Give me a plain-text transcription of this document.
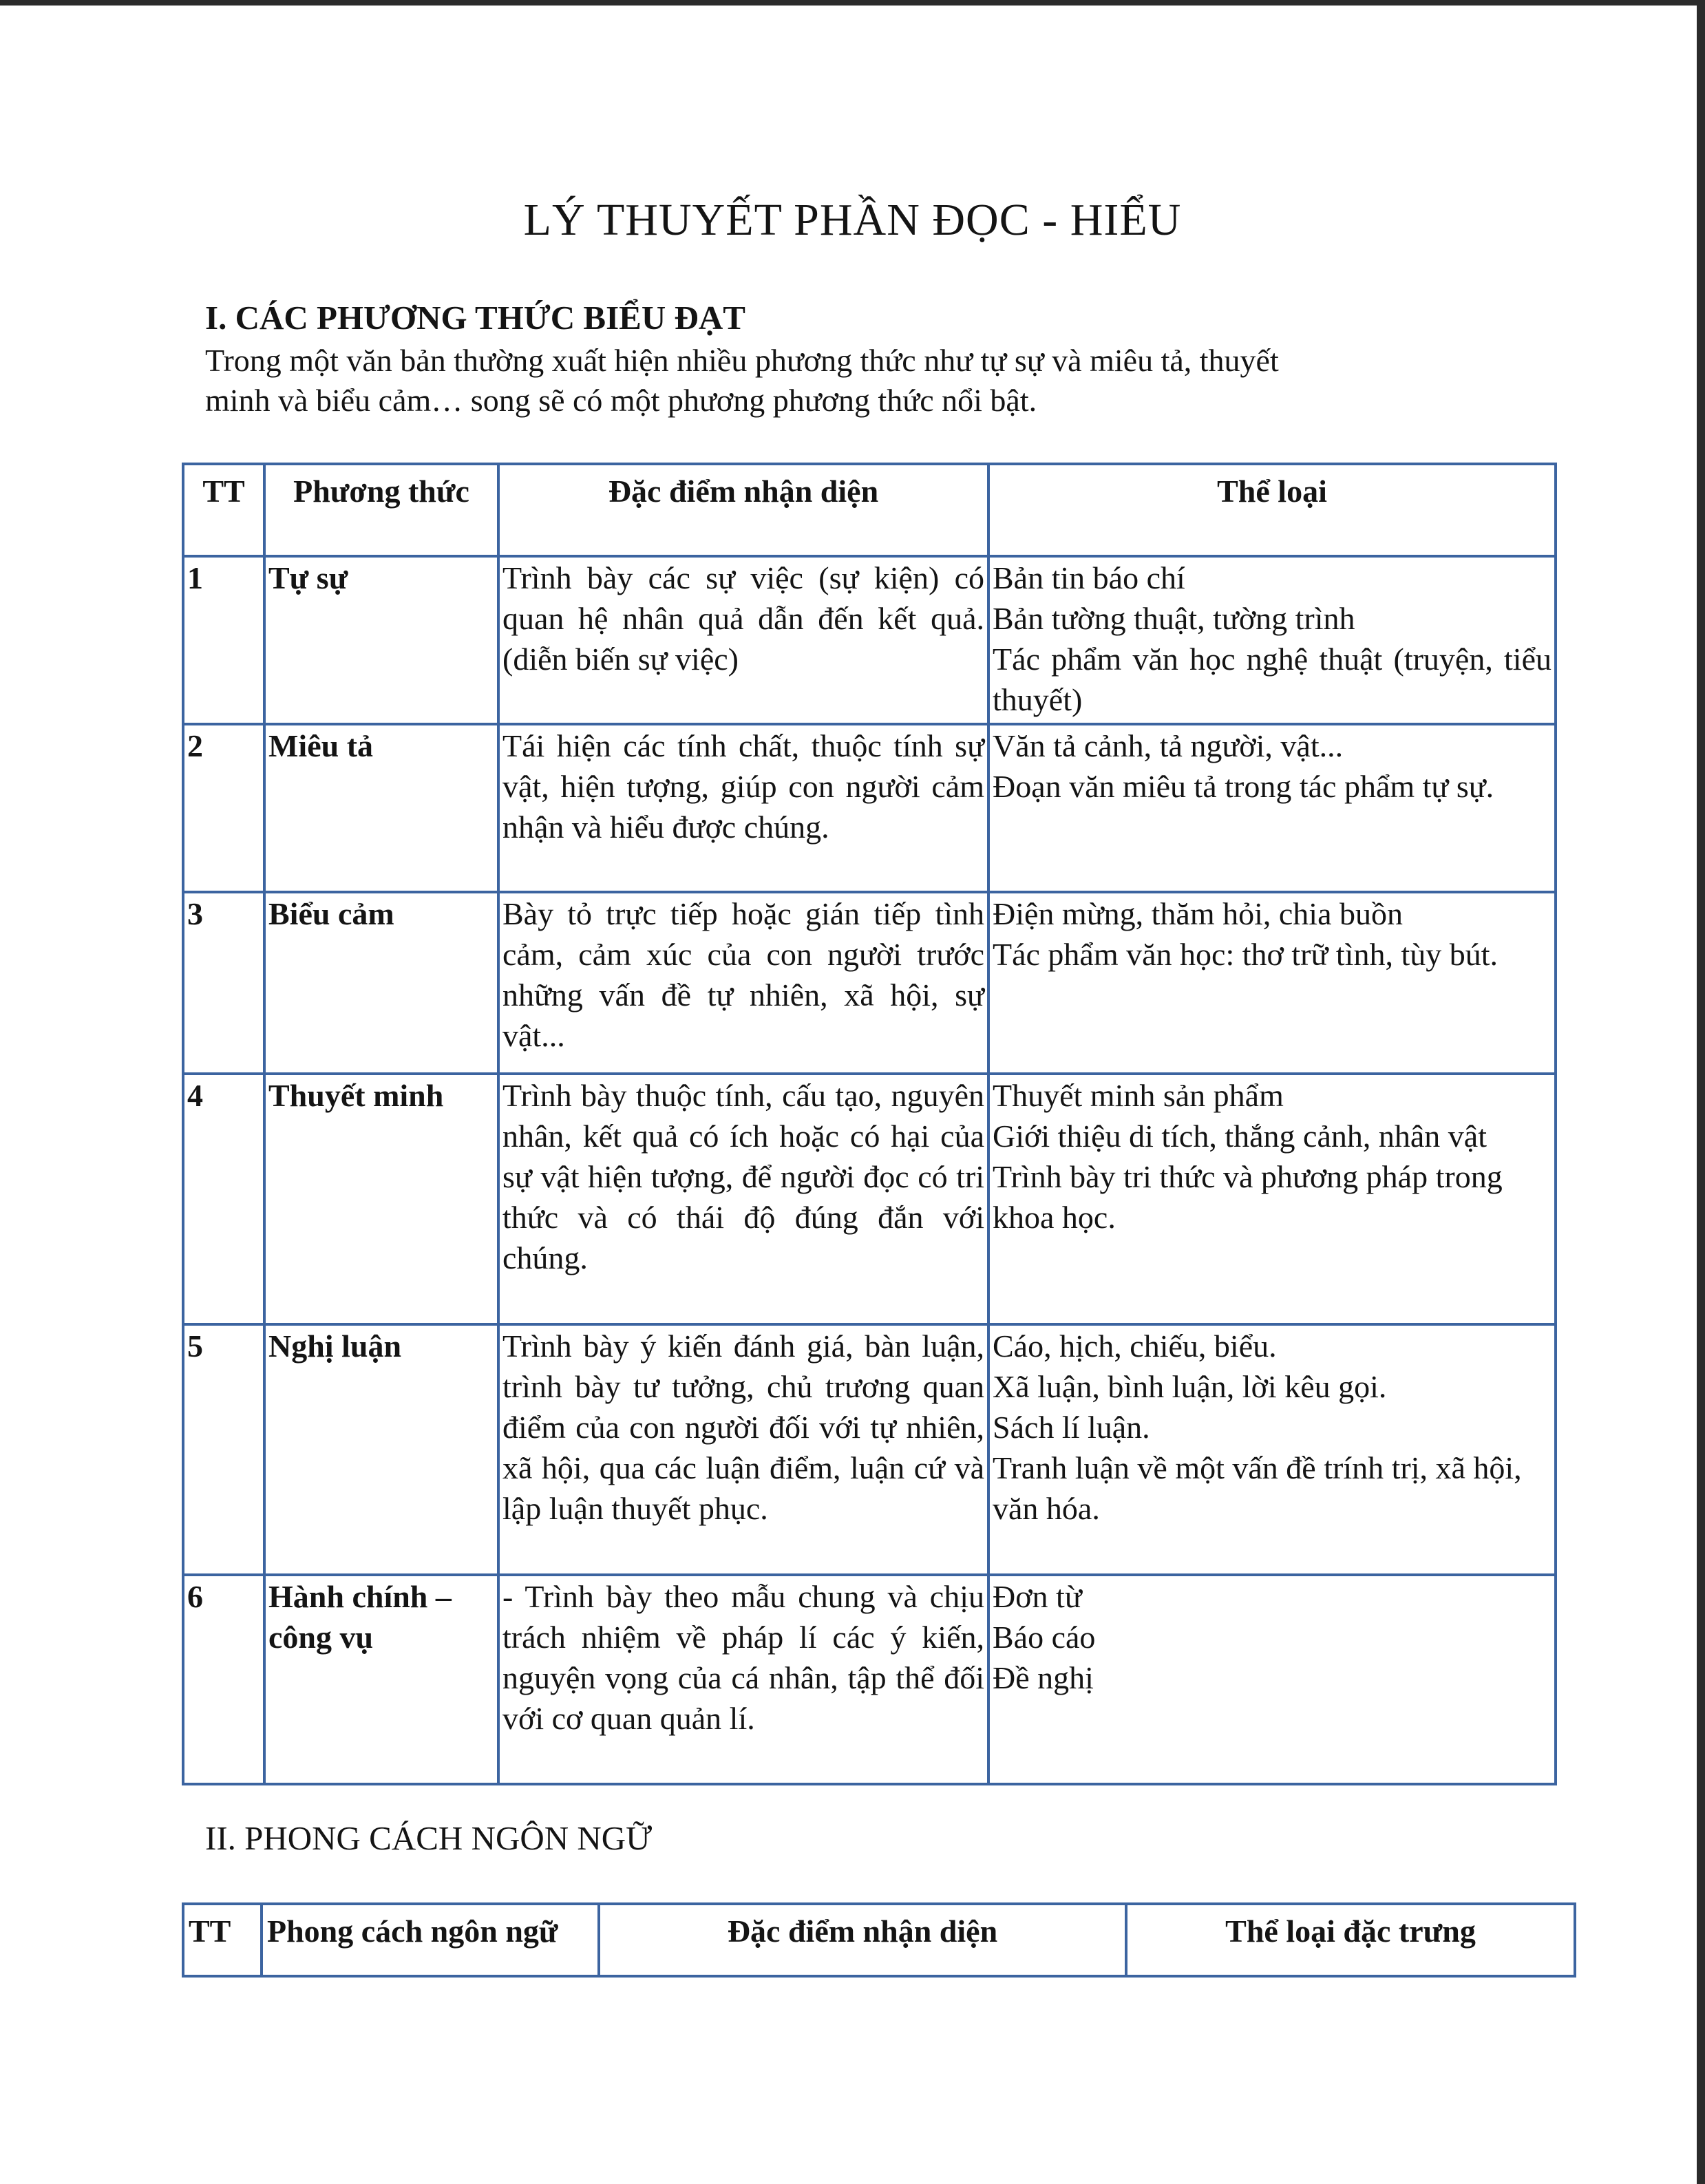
LÝ THUYẾT PHẦN ĐỌC - HIỂU
I. CÁC PHƯƠNG THỨC BIỂU ĐẠT
Trong một văn bản thường xuất hiện nhiều phương thức như tự sự và miêu tả, thuyết
minh và biểu cảm… song sẽ có một phương phương thức nổi bật.
TT	Phương thức	Đặc điểm nhận diện	Thể loại
1	Tự sự	Trình bày các sự việc (sự kiện) có quan hệ nhân quả dẫn đến kết quả. (diễn biến sự việc)	Bản tin báo chí
Bản tường thuật, tường trình
Tác phẩm văn học nghệ thuật (truyện, tiểu thuyết)

2	Miêu tả	Tái hiện các tính chất, thuộc tính sự vật, hiện tượng, giúp con người cảm nhận và hiểu được chúng.	Văn tả cảnh, tả người, vật...
Đoạn văn miêu tả trong tác phẩm tự sự.

3	Biểu cảm	Bày tỏ trực tiếp hoặc gián tiếp tình cảm, cảm xúc của con người trước những vấn đề tự nhiên, xã hội, sự vật...	Điện mừng, thăm hỏi, chia buồn
Tác phẩm văn học: thơ trữ tình, tùy bút.

4	Thuyết minh	Trình bày thuộc tính, cấu tạo, nguyên nhân, kết quả có ích hoặc có hại của sự vật hiện tượng, để người đọc có tri thức và có thái độ đúng đắn với chúng.	Thuyết minh sản phẩm
Giới thiệu di tích, thắng cảnh, nhân vật
Trình bày tri thức và phương pháp trong khoa học.

5	Nghị luận	Trình bày ý kiến đánh giá, bàn luận, trình bày tư tưởng, chủ trương quan điểm của con người đối với tự nhiên, xã hội, qua các luận điểm, luận cứ và lập luận thuyết phục.	Cáo, hịch, chiếu, biểu.
Xã luận, bình luận, lời kêu gọi.
Sách lí luận.
Tranh luận về một vấn đề trính trị, xã hội, văn hóa.

6	Hành chính – công vụ	- Trình bày theo mẫu chung và chịu trách nhiệm về pháp lí các ý kiến, nguyện vọng của cá nhân, tập thể đối với cơ quan quản lí.	Đơn từ
Báo cáo
Đề nghị
II. PHONG CÁCH NGÔN NGỮ
TT	Phong cách ngôn ngữ	Đặc điểm nhận diện	Thể loại đặc trưng
